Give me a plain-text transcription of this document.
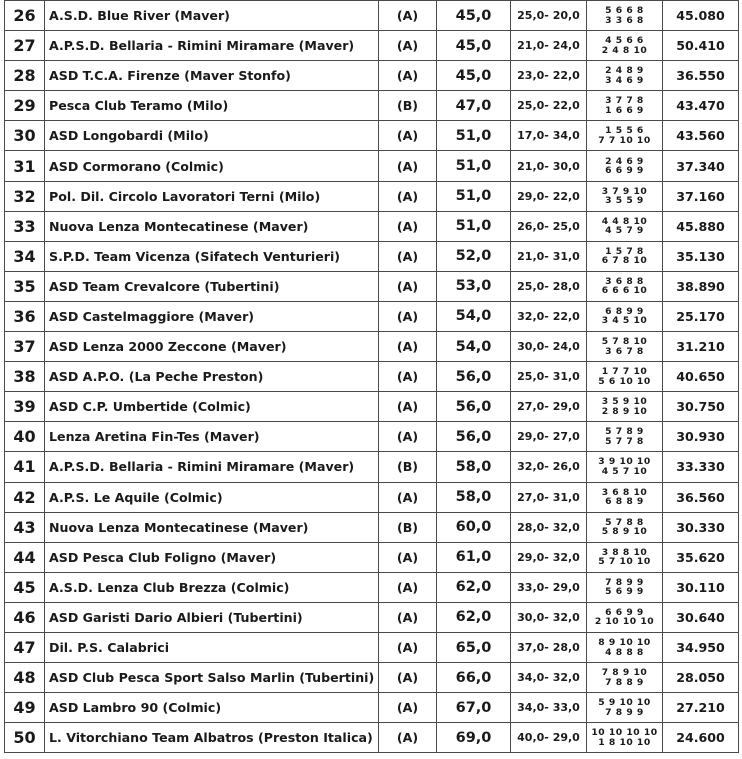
26	A.S.D. Blue River (Maver)	(A)	45,0	25,0- 20,0	5 6 6 8
3 3 6 8	45.080
27	A.P.S.D. Bellaria - Rimini Miramare (Maver)	(A)	45,0	21,0- 24,0	4 5 6 6
2 4 8 10	50.410
28	ASD T.C.A. Firenze (Maver Stonfo)	(A)	45,0	23,0- 22,0	2 4 8 9
3 4 6 9	36.550
29	Pesca Club Teramo (Milo)	(B)	47,0	25,0- 22,0	3 7 7 8
1 6 6 9	43.470
30	ASD Longobardi (Milo)	(A)	51,0	17,0- 34,0	1 5 5 6
7 7 10 10	43.560
31	ASD Cormorano (Colmic)	(A)	51,0	21,0- 30,0	2 4 6 9
6 6 9 9	37.340
32	Pol. Dil. Circolo Lavoratori Terni (Milo)	(A)	51,0	29,0- 22,0	3 7 9 10
3 5 5 9	37.160
33	Nuova Lenza Montecatinese (Maver)	(A)	51,0	26,0- 25,0	4 4 8 10
4 5 7 9	45.880
34	S.P.D. Team Vicenza (Sifatech Venturieri)	(A)	52,0	21,0- 31,0	1 5 7 8
6 7 8 10	35.130
35	ASD Team Crevalcore (Tubertini)	(A)	53,0	25,0- 28,0	3 6 8 8
6 6 6 10	38.890
36	ASD Castelmaggiore (Maver)	(A)	54,0	32,0- 22,0	6 8 9 9
3 4 5 10	25.170
37	ASD Lenza 2000 Zeccone (Maver)	(A)	54,0	30,0- 24,0	5 7 8 10
3 6 7 8	31.210
38	ASD A.P.O. (La Peche Preston)	(A)	56,0	25,0- 31,0	1 7 7 10
5 6 10 10	40.650
39	ASD C.P. Umbertide (Colmic)	(A)	56,0	27,0- 29,0	3 5 9 10
2 8 9 10	30.750
40	Lenza Aretina Fin-Tes (Maver)	(A)	56,0	29,0- 27,0	5 7 8 9
5 7 7 8	30.930
41	A.P.S.D. Bellaria - Rimini Miramare (Maver)	(B)	58,0	32,0- 26,0	3 9 10 10
4 5 7 10	33.330
42	A.P.S. Le Aquile (Colmic)	(A)	58,0	27,0- 31,0	3 6 8 10
6 8 8 9	36.560
43	Nuova Lenza Montecatinese (Maver)	(B)	60,0	28,0- 32,0	5 7 8 8
5 8 9 10	30.330
44	ASD Pesca Club Foligno (Maver)	(A)	61,0	29,0- 32,0	3 8 8 10
5 7 10 10	35.620
45	A.S.D. Lenza Club Brezza (Colmic)	(A)	62,0	33,0- 29,0	7 8 9 9
5 6 9 9	30.110
46	ASD Garisti Dario Albieri (Tubertini)	(A)	62,0	30,0- 32,0	6 6 9 9
2 10 10 10	30.640
47	Dil. P.S. Calabrici	(A)	65,0	37,0- 28,0	8 9 10 10
4 8 8 8	34.950
48	ASD Club Pesca Sport Salso Marlin (Tubertini)	(A)	66,0	34,0- 32,0	7 8 9 10
7 8 8 9	28.050
49	ASD Lambro 90 (Colmic)	(A)	67,0	34,0- 33,0	5 9 10 10
7 8 9 9	27.210
50	L. Vitorchiano Team Albatros (Preston Italica)	(A)	69,0	40,0- 29,0	10 10 10 10
1 8 10 10	24.600
